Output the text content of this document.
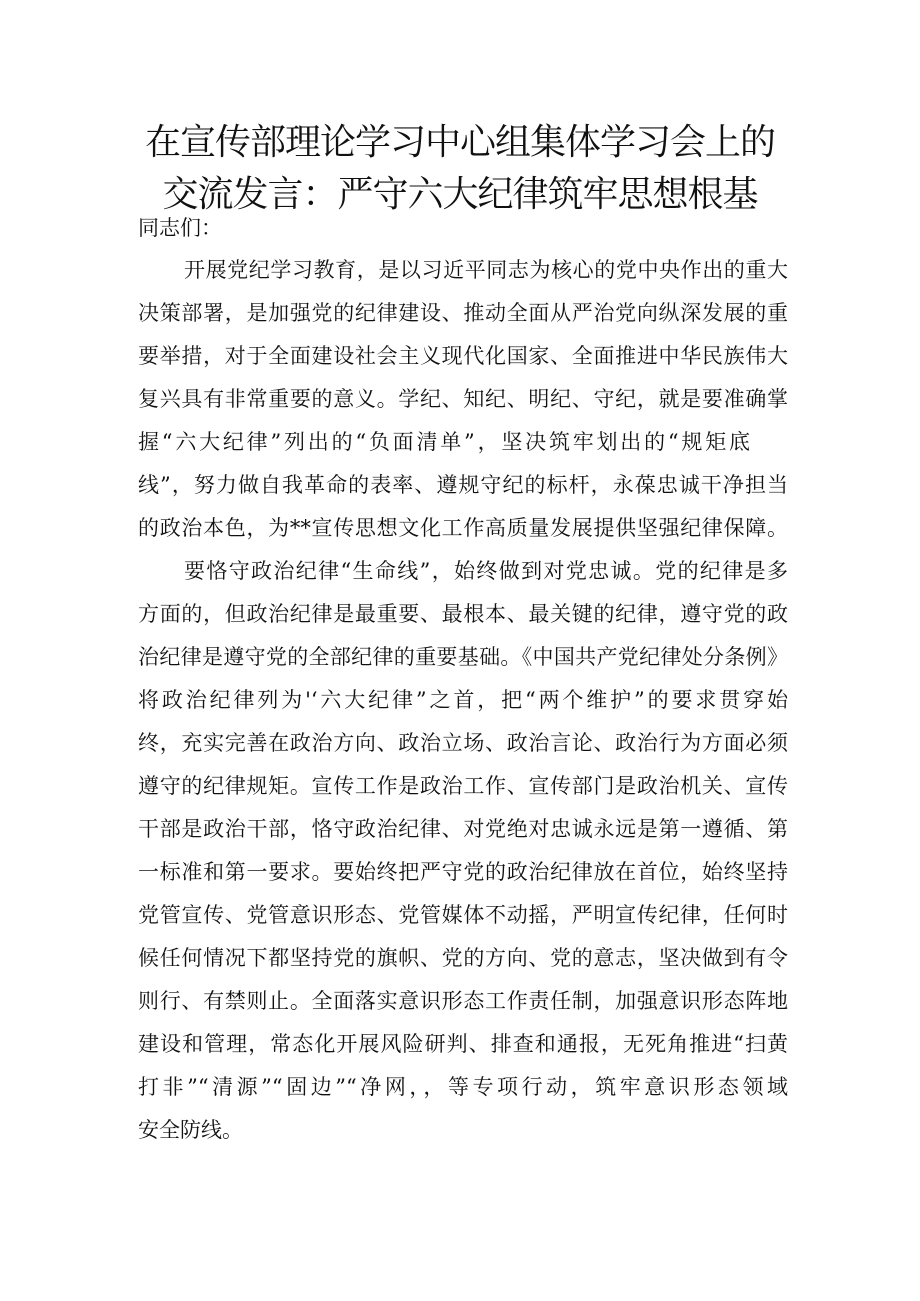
在宣传部理论学习中心组集体学习会上的
交流发言：严守六大纪律筑牢思想根基
同志们：
开展党纪学习教育，是以习近平同志为核心的党中央作出的重大
决策部署，是加强党的纪律建设、推动全面从严治党向纵深发展的重
要举措，对于全面建设社会主义现代化国家、全面推进中华民族伟大
复兴具有非常重要的意义。学纪、知纪、明纪、守纪，就是要准确掌
握“六大纪律”列出的“负面清单”，坚决筑牢划出的“规矩底
线”，努力做自我革命的表率、遵规守纪的标杆，永葆忠诚干净担当
的政治本色，为**宣传思想文化工作高质量发展提供坚强纪律保障。
要恪守政治纪律“生命线”，始终做到对党忠诚。党的纪律是多
方面的，但政治纪律是最重要、最根本、最关键的纪律，遵守党的政
治纪律是遵守党的全部纪律的重要基础。《中国共产党纪律处分条例》
将政治纪律列为'‘六大纪律”之首，把“两个维护”的要求贯穿始
终，充实完善在政治方向、政治立场、政治言论、政治行为方面必须
遵守的纪律规矩。宣传工作是政治工作、宣传部门是政治机关、宣传
干部是政治干部，恪守政治纪律、对党绝对忠诚永远是第一遵循、第
一标准和第一要求。要始终把严守党的政治纪律放在首位，始终坚持
党管宣传、党管意识形态、党管媒体不动摇，严明宣传纪律，任何时
候任何情况下都坚持党的旗帜、党的方向、党的意志，坚决做到有令
则行、有禁则止。全面落实意识形态工作责任制，加强意识形态阵地
建设和管理，常态化开展风险研判、排查和通报，无死角推进“扫黄
打非”“清源”“固边”“净网，，等专项行动，筑牢意识形态领域
安全防线。
